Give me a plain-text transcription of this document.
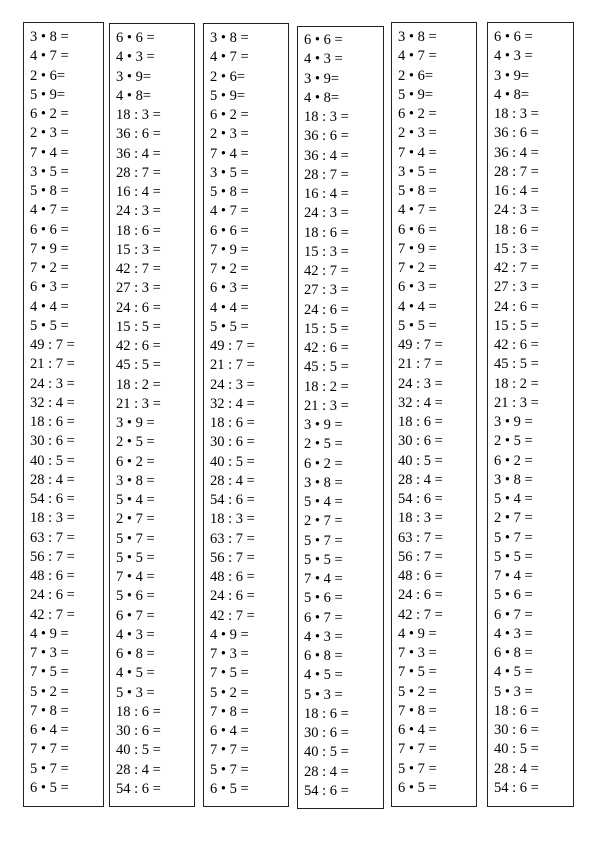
3 • 8 =
4 • 7 =
2 • 6=
5 • 9=
6 • 2 =
2 • 3 =
7 • 4 =
3 • 5 =
5 • 8 =
4 • 7 =
6 • 6 =
7 • 9 =
7 • 2 =
6 • 3 =
4 • 4 =
5 • 5 =
49 : 7 =
21 : 7 =
24 : 3 =
32 : 4 =
18 : 6 =
30 : 6 =
40 : 5 =
28 : 4 =
54 : 6 =
18 : 3 =
63 : 7 =
56 : 7 =
48 : 6 =
24 : 6 =
42 : 7 =
4 • 9 =
7 • 3 =
7 • 5 =
5 • 2 =
7 • 8 =
6 • 4 =
7 • 7 =
5 • 7 =
6 • 5 =
6 • 6 =
4 • 3 =
3 • 9=
4 • 8=
18 : 3 =
36 : 6 =
36 : 4 =
28 : 7 =
16 : 4 =
24 : 3 =
18 : 6 =
15 : 3 =
42 : 7 =
27 : 3 =
24 : 6 =
15 : 5 =
42 : 6 =
45 : 5 =
18 : 2 =
21 : 3 =
3 • 9 =
2 • 5 =
6 • 2 =
3 • 8 =
5 • 4 =
2 • 7 =
5 • 7 =
5 • 5 =
7 • 4 =
5 • 6 =
6 • 7 =
4 • 3 =
6 • 8 =
4 • 5 =
5 • 3 =
18 : 6 =
30 : 6 =
40 : 5 =
28 : 4 =
54 : 6 =
3 • 8 =
4 • 7 =
2 • 6=
5 • 9=
6 • 2 =
2 • 3 =
7 • 4 =
3 • 5 =
5 • 8 =
4 • 7 =
6 • 6 =
7 • 9 =
7 • 2 =
6 • 3 =
4 • 4 =
5 • 5 =
49 : 7 =
21 : 7 =
24 : 3 =
32 : 4 =
18 : 6 =
30 : 6 =
40 : 5 =
28 : 4 =
54 : 6 =
18 : 3 =
63 : 7 =
56 : 7 =
48 : 6 =
24 : 6 =
42 : 7 =
4 • 9 =
7 • 3 =
7 • 5 =
5 • 2 =
7 • 8 =
6 • 4 =
7 • 7 =
5 • 7 =
6 • 5 =
6 • 6 =
4 • 3 =
3 • 9=
4 • 8=
18 : 3 =
36 : 6 =
36 : 4 =
28 : 7 =
16 : 4 =
24 : 3 =
18 : 6 =
15 : 3 =
42 : 7 =
27 : 3 =
24 : 6 =
15 : 5 =
42 : 6 =
45 : 5 =
18 : 2 =
21 : 3 =
3 • 9 =
2 • 5 =
6 • 2 =
3 • 8 =
5 • 4 =
2 • 7 =
5 • 7 =
5 • 5 =
7 • 4 =
5 • 6 =
6 • 7 =
4 • 3 =
6 • 8 =
4 • 5 =
5 • 3 =
18 : 6 =
30 : 6 =
40 : 5 =
28 : 4 =
54 : 6 =
3 • 8 =
4 • 7 =
2 • 6=
5 • 9=
6 • 2 =
2 • 3 =
7 • 4 =
3 • 5 =
5 • 8 =
4 • 7 =
6 • 6 =
7 • 9 =
7 • 2 =
6 • 3 =
4 • 4 =
5 • 5 =
49 : 7 =
21 : 7 =
24 : 3 =
32 : 4 =
18 : 6 =
30 : 6 =
40 : 5 =
28 : 4 =
54 : 6 =
18 : 3 =
63 : 7 =
56 : 7 =
48 : 6 =
24 : 6 =
42 : 7 =
4 • 9 =
7 • 3 =
7 • 5 =
5 • 2 =
7 • 8 =
6 • 4 =
7 • 7 =
5 • 7 =
6 • 5 =
6 • 6 =
4 • 3 =
3 • 9=
4 • 8=
18 : 3 =
36 : 6 =
36 : 4 =
28 : 7 =
16 : 4 =
24 : 3 =
18 : 6 =
15 : 3 =
42 : 7 =
27 : 3 =
24 : 6 =
15 : 5 =
42 : 6 =
45 : 5 =
18 : 2 =
21 : 3 =
3 • 9 =
2 • 5 =
6 • 2 =
3 • 8 =
5 • 4 =
2 • 7 =
5 • 7 =
5 • 5 =
7 • 4 =
5 • 6 =
6 • 7 =
4 • 3 =
6 • 8 =
4 • 5 =
5 • 3 =
18 : 6 =
30 : 6 =
40 : 5 =
28 : 4 =
54 : 6 =
